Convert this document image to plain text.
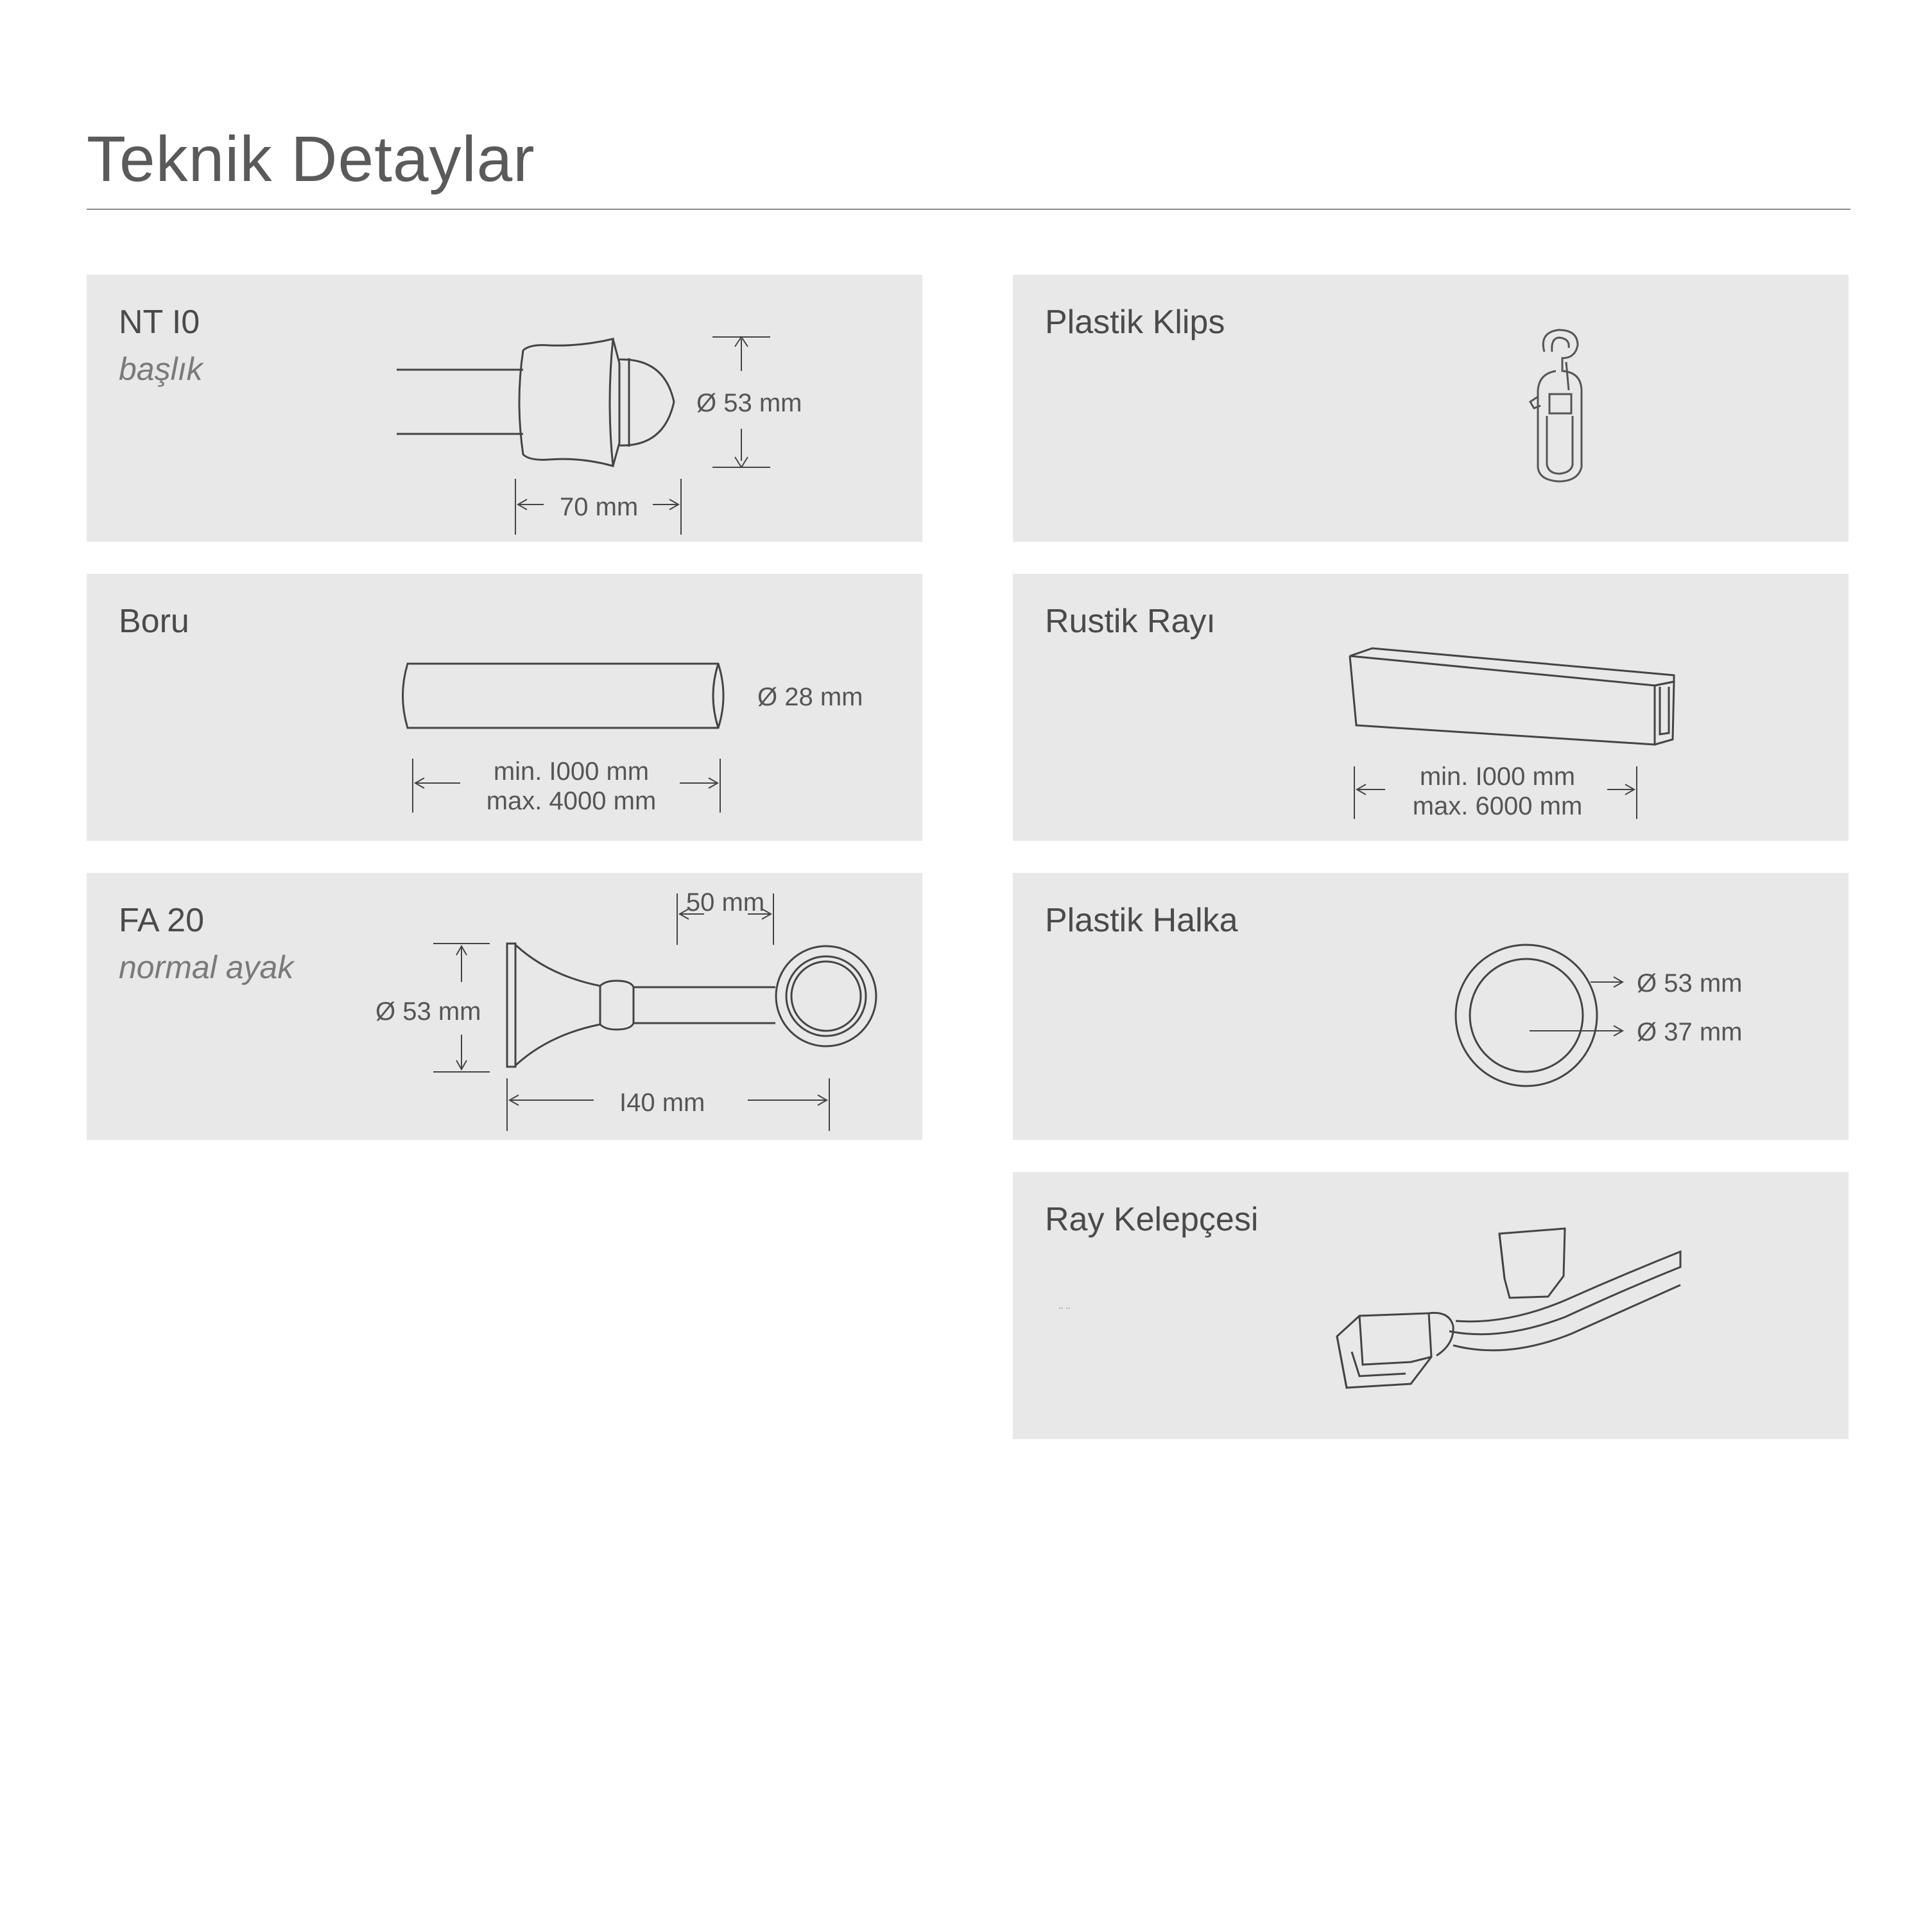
Teknik Detaylar
NT I0
başlık
Ø 53 mm
70 mm
Boru
Ø 28 mm
min. I000 mm
max. 4000 mm
FA 20
normal ayak
50 mm
Ø 53 mm
I40 mm
Plastik Klips
Rustik Rayı
min. I000 mm
max. 6000 mm
Plastik Halka
Ø 53 mm
Ø 37 mm
Ray Kelepçesi
¨ ¨
